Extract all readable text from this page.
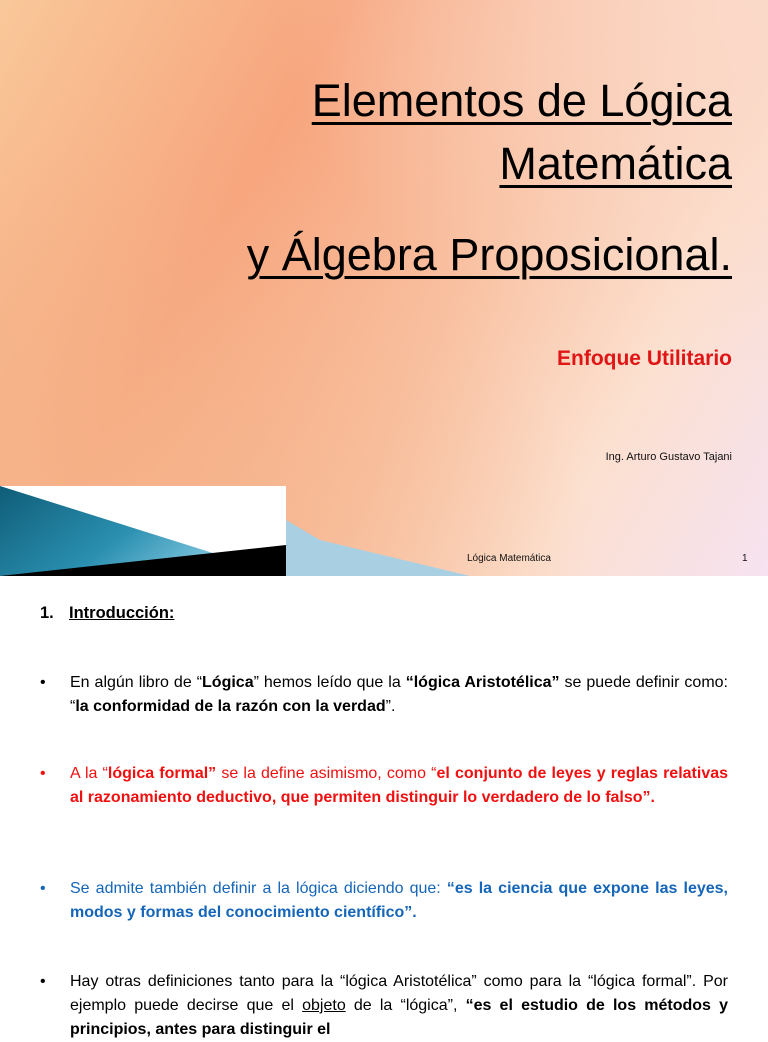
Elementos de Lógica
Matemática
y Álgebra Proposicional.
Enfoque Utilitario
Ing. Arturo Gustavo Tajani
Lógica Matemática	1
1. Introducción:

• En algún libro de “Lógica” hemos leído que la “lógica Aristotélica” se puede definir como: “la conformidad de la razón con la verdad”.

• A la “lógica formal” se la define asimismo, como “el conjunto de leyes y reglas relativas al razonamiento deductivo, que permiten distinguir lo verdadero de lo falso”.

• Se admite también definir a la lógica diciendo que: “es la ciencia que expone las leyes, modos y formas del conocimiento científico”.

• Hay otras definiciones tanto para la “lógica Aristotélica” como para la “lógica formal”. Por ejemplo puede decirse que el objeto de la “lógica”, “es el estudio de los métodos y principios, antes para distinguir el
